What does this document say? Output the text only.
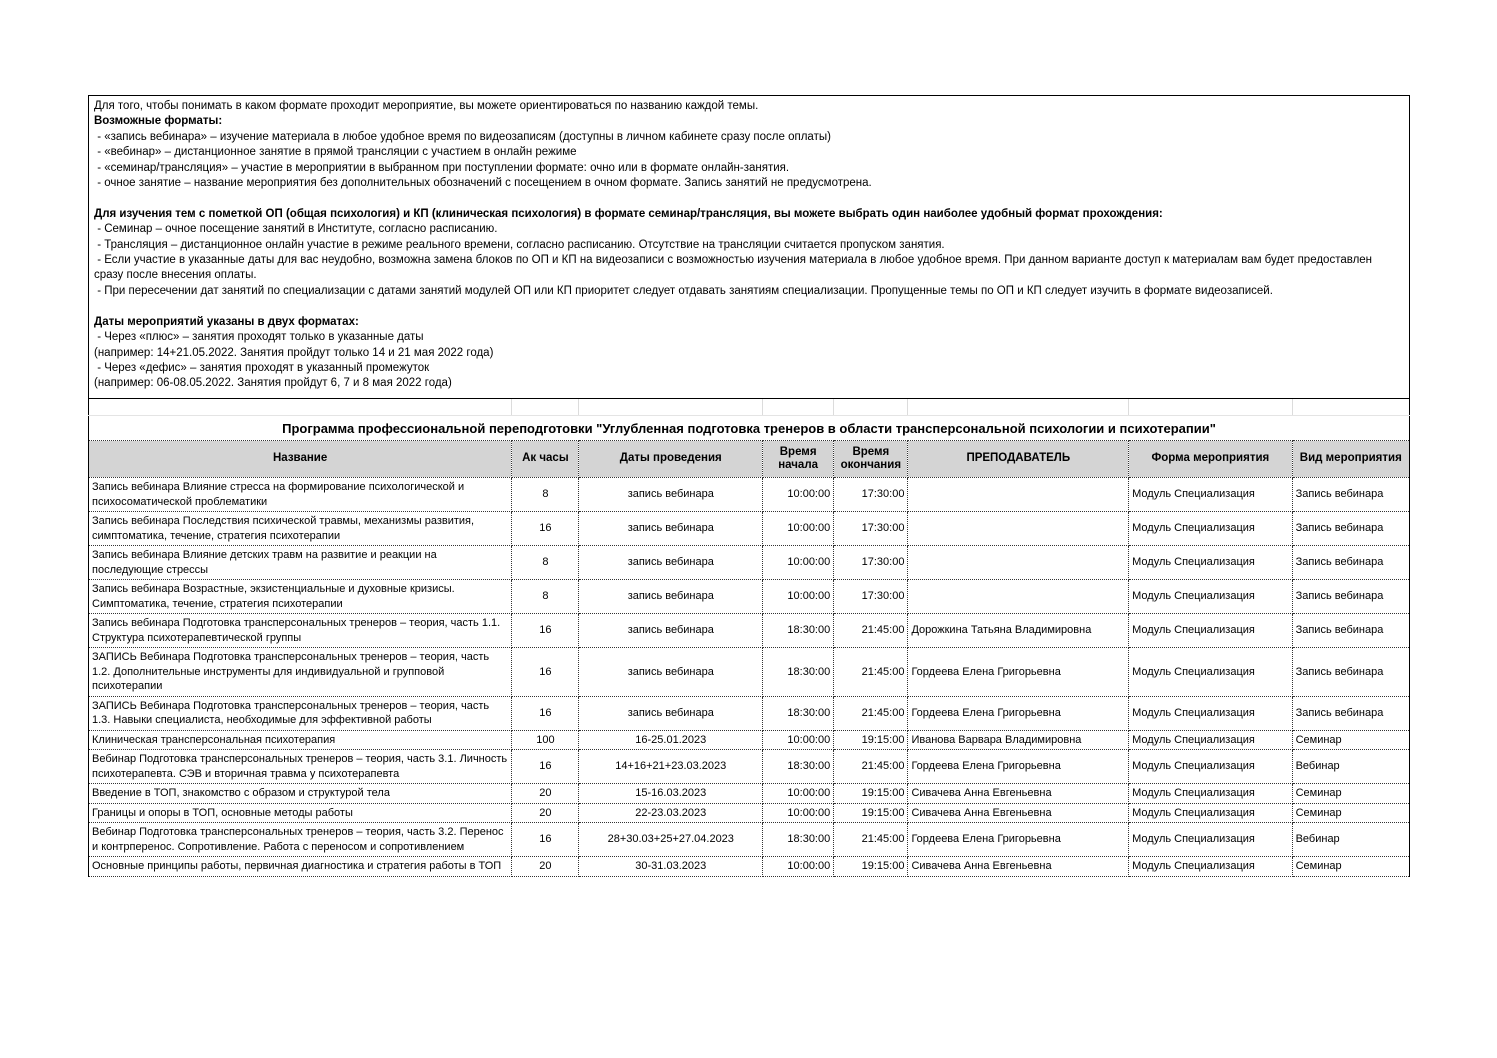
Для того, чтобы понимать в каком формате проходит мероприятие, вы можете ориентироваться по названию каждой темы.
Возможные форматы:
- «запись вебинара» – изучение материала в любое удобное время по видеозаписям (доступны в личном кабинете сразу после оплаты)
- «вебинар» – дистанционное занятие в прямой трансляции с участием в онлайн режиме
- «семинар/трансляция» – участие в мероприятии в выбранном при поступлении формате: очно или в формате онлайн-занятия.
- очное занятие – название мероприятия без дополнительных обозначений с посещением в очном формате. Запись занятий не предусмотрена.

Для изучения тем с пометкой ОП (общая психология) и КП (клиническая психология) в формате семинар/трансляция, вы можете выбрать один наиболее удобный формат прохождения:
- Семинар – очное посещение занятий в Институте, согласно расписанию.
- Трансляция – дистанционное онлайн участие в режиме реального времени, согласно расписанию. Отсутствие на трансляции считается пропуском занятия.
- Если участие в указанные даты для вас неудобно, возможна замена блоков по ОП и КП на видеозаписи с возможностью изучения материала в любое удобное время. При данном варианте доступ к материалам вам будет предоставлен сразу после внесения оплаты.
- При пересечении дат занятий по специализации с датами занятий модулей ОП или КП приоритет следует отдавать занятиям специализации. Пропущенные темы по ОП и КП следует изучить в формате видеозаписей.

Даты мероприятий указаны в двух форматах:
- Через «плюс» – занятия проходят только в указанные даты
(например: 14+21.05.2022. Занятия пройдут только 14 и 21 мая 2022 года)
- Через «дефис» – занятия проходят в указанный промежуток
(например: 06-08.05.2022. Занятия пройдут 6, 7 и 8 мая 2022 года)

Программа профессиональной переподготовки "Углубленная подготовка тренеров в области трансперсональной психологии и психотерапии"							
Название	Ак часы	Даты проведения	Время начала	Время окончания	ПРЕПОДАВАТЕЛЬ	Форма мероприятия	Вид мероприятия
Запись вебинара Влияние стресса на формирование психологической и психосоматической проблематики	8	запись вебинара	10:00:00	17:30:00		Модуль Специализация	Запись вебинара
Запись вебинара Последствия психической травмы, механизмы развития, симптоматика, течение, стратегия психотерапии	16	запись вебинара	10:00:00	17:30:00		Модуль Специализация	Запись вебинара
Запись вебинара Влияние детских травм на развитие и реакции на последующие стрессы	8	запись вебинара	10:00:00	17:30:00		Модуль Специализация	Запись вебинара
Запись вебинара Возрастные, экзистенциальные и духовные кризисы. Симптоматика, течение, стратегия психотерапии	8	запись вебинара	10:00:00	17:30:00		Модуль Специализация	Запись вебинара
Запись вебинара Подготовка трансперсональных тренеров – теория, часть 1.1. Структура психотерапевтической группы	16	запись вебинара	18:30:00	21:45:00	Дорожкина Татьяна Владимировна	Модуль Специализация	Запись вебинара
ЗАПИСЬ Вебинара Подготовка трансперсональных тренеров – теория, часть 1.2. Дополнительные инструменты для индивидуальной и групповой психотерапии	16	запись вебинара	18:30:00	21:45:00	Гордеева Елена Григорьевна	Модуль Специализация	Запись вебинара
ЗАПИСЬ Вебинара Подготовка трансперсональных тренеров – теория, часть 1.3. Навыки специалиста, необходимые для эффективной работы	16	запись вебинара	18:30:00	21:45:00	Гордеева Елена Григорьевна	Модуль Специализация	Запись вебинара
Клиническая трансперсональная психотерапия	100	16-25.01.2023	10:00:00	19:15:00	Иванова Варвара Владимировна	Модуль Специализация	Семинар
Вебинар Подготовка трансперсональных тренеров – теория, часть 3.1. Личность психотерапевта. СЭВ и вторичная травма у психотерапевта	16	14+16+21+23.03.2023	18:30:00	21:45:00	Гордеева Елена Григорьевна	Модуль Специализация	Вебинар
Введение в ТОП, знакомство с образом и структурой тела	20	15-16.03.2023	10:00:00	19:15:00	Сивачева Анна Евгеньевна	Модуль Специализация	Семинар
Границы и опоры в ТОП, основные методы работы	20	22-23.03.2023	10:00:00	19:15:00	Сивачева Анна Евгеньевна	Модуль Специализация	Семинар
Вебинар Подготовка трансперсональных тренеров – теория, часть 3.2. Перенос и контрперенос. Сопротивление. Работа с переносом и сопротивлением	16	28+30.03+25+27.04.2023	18:30:00	21:45:00	Гордеева Елена Григорьевна	Модуль Специализация	Вебинар
Основные принципы работы, первичная диагностика и стратегия работы в ТОП	20	30-31.03.2023	10:00:00	19:15:00	Сивачева Анна Евгеньевна	Модуль Специализация	Семинар
